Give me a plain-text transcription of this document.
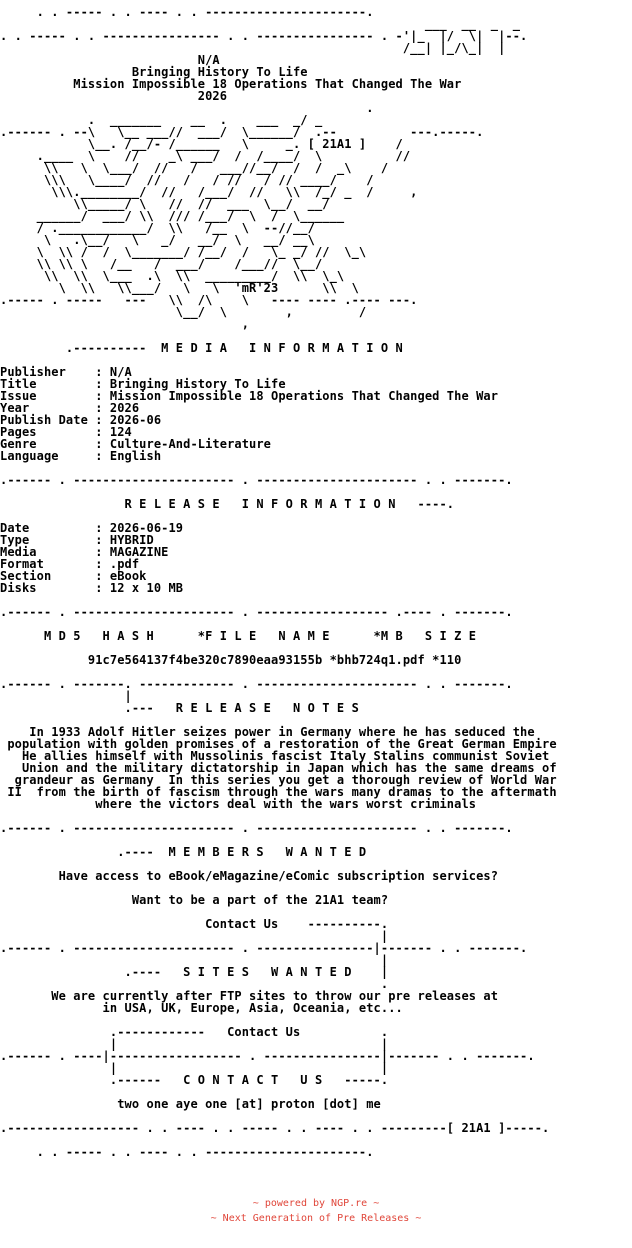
. . ----- . . ---- . . ----------------------.
___  __  _  _
. . ----- . . ---------------- . . ---------------- . -'|_  |/  \|  |--.
/__| |_/\_|  |
N/A
Bringing History To Life
Mission Impossible 18 Operations That Changed The War
2026
.
.  _______    __  .    ___  _/ _
.------ . --\   \__ ___//  ___/  \______/  .--          ---.-----.
\__. /__/- /______   \     _. [ 21A1 ]    /
.____  \    //    _\ ___/  /  /____/  \          //
\\   \  \___/  //   /   ___//__/  /  /  _\    /
\\\   \____/  //   /   / //   / // ____/    /
\\\.________/  //   /___/  //   \\  /_/ _  /     ,
\\_____/ \   //  //  ___  \__/  __/
______/  ___/ \\  /// /___/  \  /  \______
/ .____________/  \\   /__  \  --//__/
\   .\__/   \   _/   __/  \   __/ __\
\  \\ /  /  \_______/ /__/  /   \_ _/ //  \_\
\\ \\ \   /__   /  ___/    /___//  \__/
\\  \\  \___  .\  \\  _________/  \\  \_\
\  \\   \\___/   \   \  'mR'23      \\  \
.----- . -----   ---   \\  /\    \   ---- ---- .---- ---.
\__/  \        ,         /
,

.----------  M E D I A   I N F O R M A T I O N

Publisher    : N/A
Title        : Bringing History To Life
Issue        : Mission Impossible 18 Operations That Changed The War
Year         : 2026
Publish Date : 2026-06
Pages        : 124
Genre        : Culture-And-Literature
Language     : English

.------ . ---------------------- . ---------------------- . . -------.

R E L E A S E   I N F O R M A T I O N   ----.

Date         : 2026-06-19
Type         : HYBRID
Media        : MAGAZINE
Format       : .pdf
Section      : eBook
Disks        : 12 x 10 MB

.------ . ---------------------- . ------------------ .---- . -------.

M D 5   H A S H      *F I L E   N A M E      *M B   S I Z E

91c7e564137f4be320c7890eaa93155b *bhb724q1.pdf *110

.------ . -------. ------------- . ---------------------- . . -------.
|
.---   R E L E A S E   N O T E S

In 1933 Adolf Hitler seizes power in Germany where he has seduced the
population with golden promises of a restoration of the Great German Empire
He allies himself with Mussolinis fascist Italy Stalins communist Soviet
Union and the military dictatorship in Japan which has the same dreams of
grandeur as Germany  In this series you get a thorough review of World War
II  from the birth of fascism through the wars many dramas to the aftermath
where the victors deal with the wars worst criminals

.------ . ---------------------- . ---------------------- . . -------.

.----  M E M B E R S   W A N T E D

Have access to eBook/eMagazine/eComic subscription services?

Want to be a part of the 21A1 team?

Contact Us    ----------.
|
.------ . ---------------------- . ----------------|------- . . -------.
|
.----   S I T E S   W A N T E D    |
.
We are currently after FTP sites to throw our pre releases at
in USA, UK, Europe, Asia, Oceania, etc...

.------------   Contact Us           .
|                                    |
.------ . ----|------------------ . ----------------|------- . . -------.
|                                    |
.------   C O N T A C T   U S   -----.

two one aye one [at] proton [dot] me

.------------------ . . ---- . . ----- . . ---- . . ---------[ 21A1 ]-----.

. . ----- . . ---- . . ----------------------.
~ powered by NGP.re ~
~ Next Generation of Pre Releases ~
